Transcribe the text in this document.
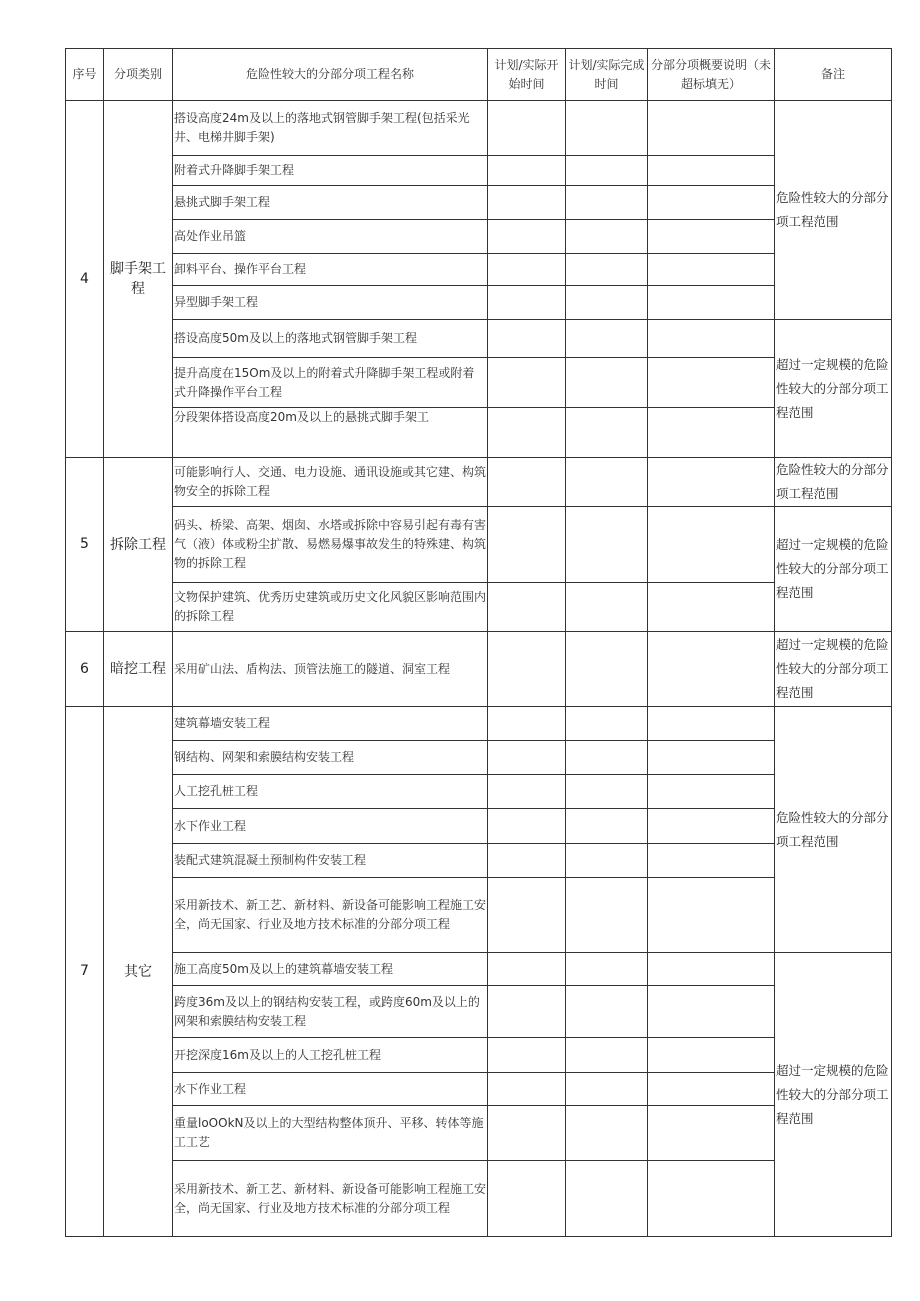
序号	分项类别	危险性较大的分部分项工程名称	计划/实际开始时间	计划/实际完成时间	分部分项概要说明（未超标填无）	备注
4	脚手架工程	搭设高度24m及以上的落地式钢管脚手架工程(包括采光井、电梯井脚手架)				危险性较大的分部分项工程范围
		附着式升降脚手架工程				
		悬挑式脚手架工程				
		高处作业吊篮				
		卸料平台、操作平台工程				
		异型脚手架工程				
		搭设高度50m及以上的落地式钢管脚手架工程				超过一定规模的危险性较大的分部分项工程范围
		提升高度在15Om及以上的附着式升降脚手架工程或附着式升降操作平台工程				
		分段架体搭设高度20m及以上的悬挑式脚手架工				
5	拆除工程	可能影响行人、交通、电力设施、通讯设施或其它建、构筑物安全的拆除工程				危险性较大的分部分项工程范围
		码头、桥梁、高架、烟囱、水塔或拆除中容易引起有毒有害气（液）体或粉尘扩散、易燃易爆事故发生的特殊建、构筑物的拆除工程				超过一定规模的危险性较大的分部分项工程范围
		文物保护建筑、优秀历史建筑或历史文化风貌区影响范围内的拆除工程				
6	暗挖工程	采用矿山法、盾构法、顶管法施工的隧道、洞室工程				超过一定规模的危险性较大的分部分项工程范围
7	其它	建筑幕墙安装工程				危险性较大的分部分项工程范围
		钢结构、网架和索膜结构安装工程				
		人工挖孔桩工程				
		水下作业工程				
		装配式建筑混凝土预制构件安装工程				
		采用新技术、新工艺、新材料、新设备可能影响工程施工安全，尚无国家、行业及地方技术标准的分部分项工程				
		施工高度50m及以上的建筑幕墙安装工程				超过一定规模的危险性较大的分部分项工程范围
		跨度36m及以上的钢结构安装工程，或跨度60m及以上的网架和索膜结构安装工程				
		开挖深度16m及以上的人工挖孔桩工程				
		水下作业工程				
		重量loOOkN及以上的大型结构整体顶升、平移、转体等施工工艺				
		采用新技术、新工艺、新材料、新设备可能影响工程施工安全，尚无国家、行业及地方技术标准的分部分项工程				
